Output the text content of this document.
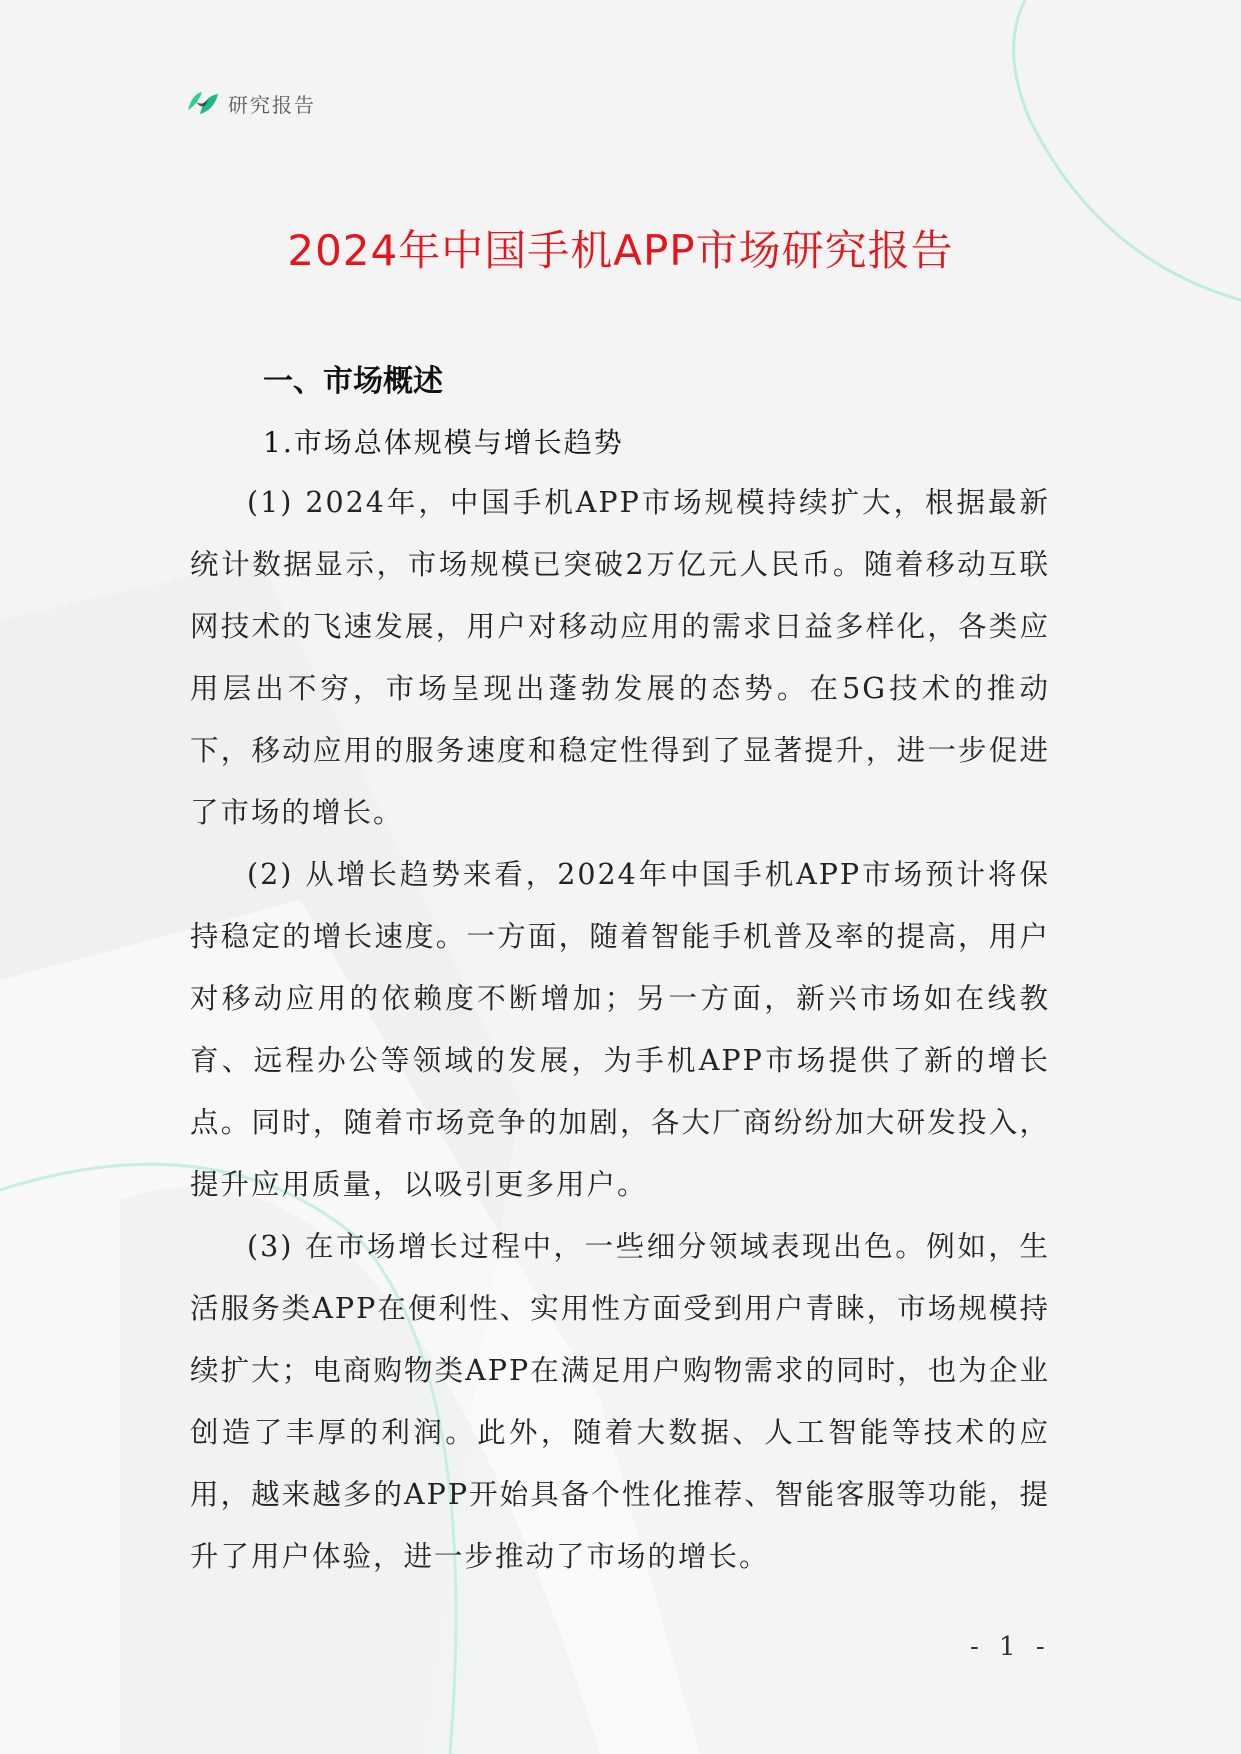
研究报告
2024年中国手机APP市场研究报告
一、市场概述
1.市场总体规模与增长趋势

(1) 2024年，中国手机APP市场规模持续扩大，根据最新统计数据显示，市场规模已突破2万亿元人民币。随着移动互联网技术的飞速发展，用户对移动应用的需求日益多样化，各类应用层出不穷，市场呈现出蓬勃发展的态势。在5G技术的推动下，移动应用的服务速度和稳定性得到了显著提升，进一步促进了市场的增长。

(2) 从增长趋势来看，2024年中国手机APP市场预计将保持稳定的增长速度。一方面，随着智能手机普及率的提高，用户对移动应用的依赖度不断增加；另一方面，新兴市场如在线教育、远程办公等领域的发展，为手机APP市场提供了新的增长点。同时，随着市场竞争的加剧，各大厂商纷纷加大研发投入，提升应用质量，以吸引更多用户。

(3) 在市场增长过程中，一些细分领域表现出色。例如，生活服务类APP在便利性、实用性方面受到用户青睐，市场规模持续扩大；电商购物类APP在满足用户购物需求的同时，也为企业创造了丰厚的利润。此外，随着大数据、人工智能等技术的应用，越来越多的APP开始具备个性化推荐、智能客服等功能，提升了用户体验，进一步推动了市场的增长。

- 1 -
